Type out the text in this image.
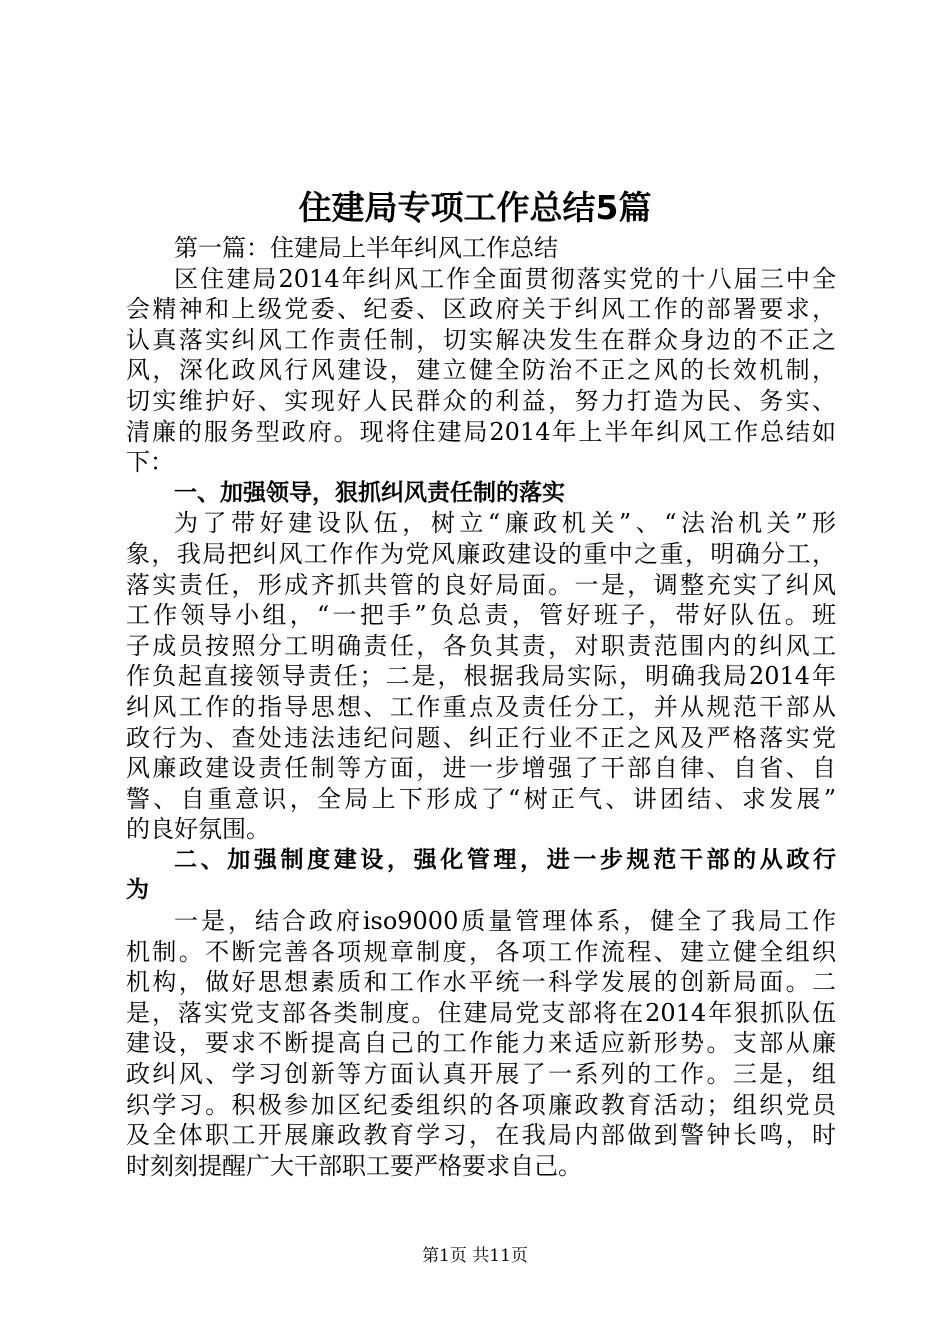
住建局专项工作总结5篇
第一篇：住建局上半年纠风工作总结
区住建局2014年纠风工作全面贯彻落实党的十八届三中全
会精神和上级党委、纪委、区政府关于纠风工作的部署要求，
认真落实纠风工作责任制，切实解决发生在群众身边的不正之
风，深化政风行风建设，建立健全防治不正之风的长效机制，
切实维护好、实现好人民群众的利益，努力打造为民、务实、
清廉的服务型政府。现将住建局2014年上半年纠风工作总结如
下：
一、加强领导，狠抓纠风责任制的落实
为了带好建设队伍，树立“廉政机关”、“法治机关”形
象，我局把纠风工作作为党风廉政建设的重中之重，明确分工，
落实责任，形成齐抓共管的良好局面。一是，调整充实了纠风
工作领导小组，“一把手”负总责，管好班子，带好队伍。班
子成员按照分工明确责任，各负其责，对职责范围内的纠风工
作负起直接领导责任；二是，根据我局实际，明确我局2014年
纠风工作的指导思想、工作重点及责任分工，并从规范干部从
政行为、查处违法违纪问题、纠正行业不正之风及严格落实党
风廉政建设责任制等方面，进一步增强了干部自律、自省、自
警、自重意识，全局上下形成了“树正气、讲团结、求发展”
的良好氛围。
二、加强制度建设，强化管理，进一步规范干部的从政行
为
一是，结合政府iso9000质量管理体系，健全了我局工作
机制。不断完善各项规章制度，各项工作流程、建立健全组织
机构，做好思想素质和工作水平统一科学发展的创新局面。二
是，落实党支部各类制度。住建局党支部将在2014年狠抓队伍
建设，要求不断提高自己的工作能力来适应新形势。支部从廉
政纠风、学习创新等方面认真开展了一系列的工作。三是，组
织学习。积极参加区纪委组织的各项廉政教育活动；组织党员
及全体职工开展廉政教育学习，在我局内部做到警钟长鸣，时
时刻刻提醒广大干部职工要严格要求自己。
第1页 共11页
